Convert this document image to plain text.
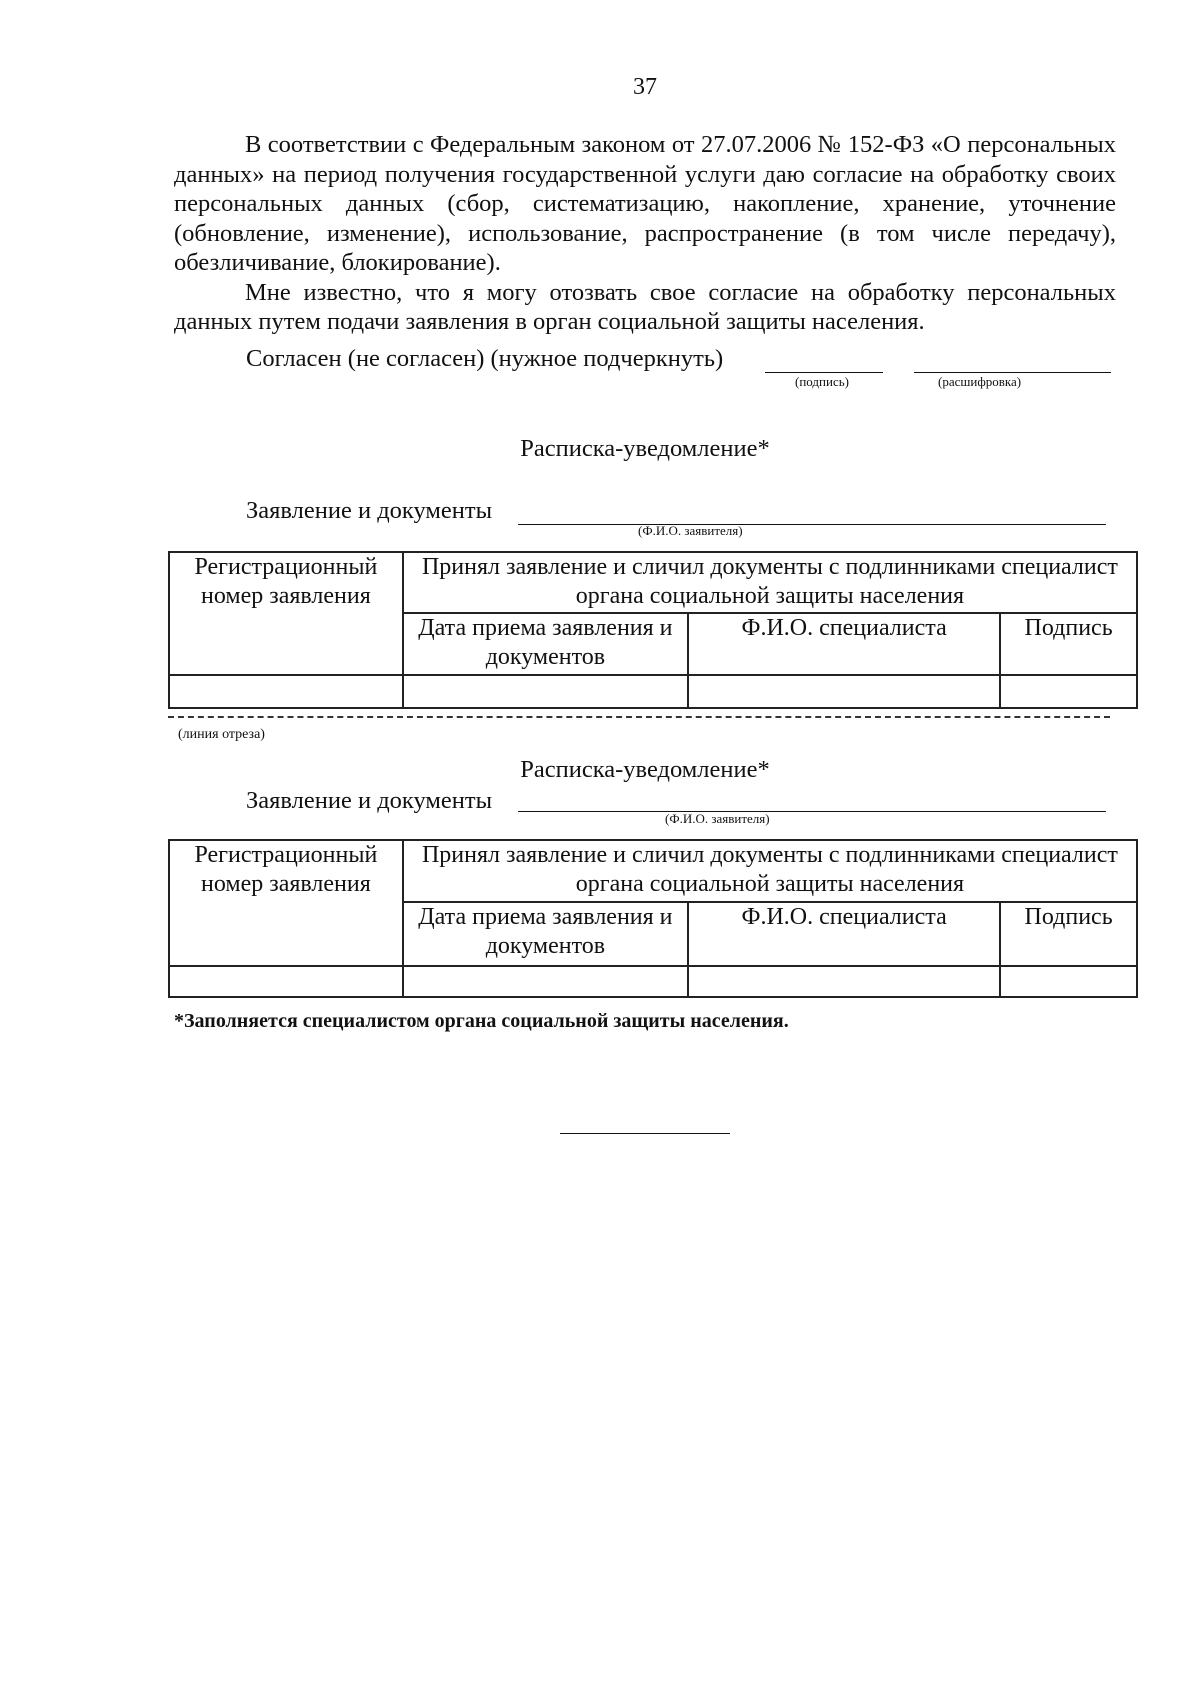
37

В соответствии с Федеральным законом от 27.07.2006 № 152-ФЗ «О персональных данных» на период получения государственной услуги даю согласие на обработку своих персональных данных (сбор, систематизацию, накопление, хранение, уточнение (обновление, изменение), использование, распространение (в том числе передачу), обезличивание, блокирование).

Мне известно, что я могу отозвать свое согласие на обработку персональных данных путем подачи заявления в орган социальной защиты населения.

Согласен (не согласен) (нужное подчеркнуть)
(подпись)	(расшифровка)
Расписка-уведомление*
Заявление и документы
(Ф.И.О. заявителя)
Регистрационный номер заявления	Принял заявление и сличил документы с подлинниками специалист органа социальной защиты населения		
	Дата приема заявления и документов	Ф.И.О. специалиста	Подпись

(линия отреза)
Расписка-уведомление*
Заявление и документы
(Ф.И.О. заявителя)
Регистрационный номер заявления	Принял заявление и сличил документы с подлинниками специалист органа социальной защиты населения		
	Дата приема заявления и документов	Ф.И.О. специалиста	Подпись

*Заполняется специалистом органа социальной защиты населения.
